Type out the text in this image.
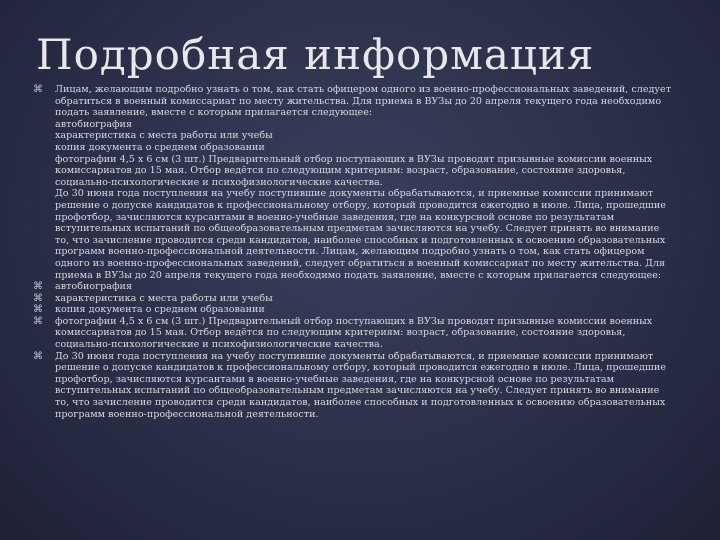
Подробная информация
⌘ Лицам, желающим подробно узнать о том, как стать офицером одного из военно-профессиональных заведений, следует
обратиться в военный комиссариат по месту жительства. Для приема в ВУЗы до 20 апреля текущего года необходимо
подать заявление, вместе с которым прилагается следующее:
автобиография
характеристика с места работы или учебы
копия документа о среднем образовании
фотографии 4,5 х 6 см (3 шт.) Предварительный отбор поступающих в ВУЗы проводят призывные комиссии военных
комиссариатов до 15 мая. Отбор ведётся по следующим критериям: возраст, образование, состояние здоровья,
социально-психологические и психофизиологические качества.
До 30 июня года поступления на учебу поступившие документы обрабатываются, и приемные комиссии принимают
решение о допуске кандидатов к профессиональному отбору, который проводится ежегодно в июле. Лица, прошедшие
профотбор, зачисляются курсантами в военно-учебные заведения, где на конкурсной основе по результатам
вступительных испытаний по общеобразовательным предметам зачисляются на учебу. Следует принять во внимание
то, что зачисление проводится среди кандидатов, наиболее способных и подготовленных к освоению образовательных
программ военно-профессиональной деятельности. Лицам, желающим подробно узнать о том, как стать офицером
одного из военно-профессиональных заведений, следует обратиться в военный комиссариат по месту жительства. Для
приема в ВУЗы до 20 апреля текущего года необходимо подать заявление, вместе с которым прилагается следующее:
⌘ автобиография
⌘ характеристика с места работы или учебы
⌘ копия документа о среднем образовании
⌘ фотографии 4,5 х 6 см (3 шт.) Предварительный отбор поступающих в ВУЗы проводят призывные комиссии военных
комиссариатов до 15 мая. Отбор ведётся по следующим критериям: возраст, образование, состояние здоровья,
социально-психологические и психофизиологические качества.
⌘ До 30 июня года поступления на учебу поступившие документы обрабатываются, и приемные комиссии принимают
решение о допуске кандидатов к профессиональному отбору, который проводится ежегодно в июле. Лица, прошедшие
профотбор, зачисляются курсантами в военно-учебные заведения, где на конкурсной основе по результатам
вступительных испытаний по общеобразовательным предметам зачисляются на учебу. Следует принять во внимание
то, что зачисление проводится среди кандидатов, наиболее способных и подготовленных к освоению образовательных
программ военно-профессиональной деятельности.
